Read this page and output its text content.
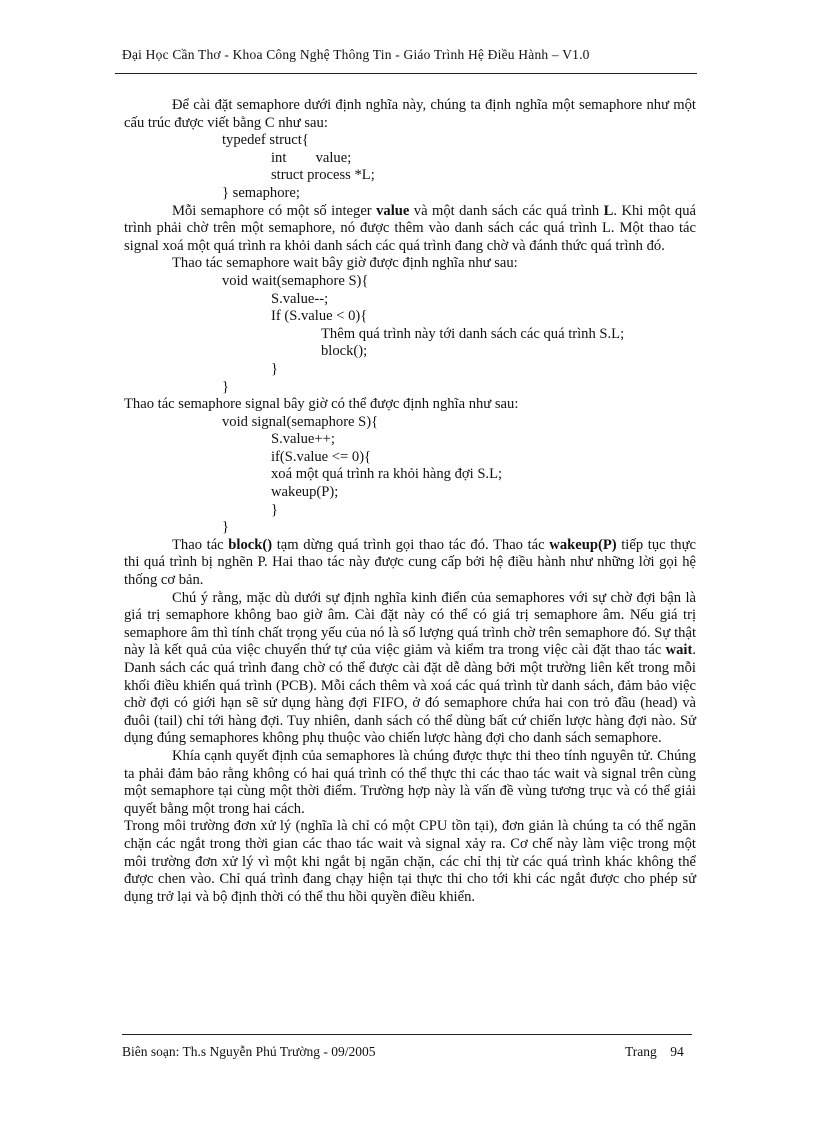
Đại Học Cần Thơ - Khoa Công Nghệ Thông Tin - Giáo Trình Hệ Điều Hành – V1.0

Để cài đặt semaphore dưới định nghĩa này, chúng ta định nghĩa một semaphore như một cấu trúc được viết bằng C như sau:

typedef struct{
int        value;
struct process *L;
} semaphore;

Mỗi semaphore có một số integer value và một danh sách các quá trình L. Khi một quá trình phải chờ trên một semaphore, nó được thêm vào danh sách các quá trình L. Một thao tác signal xoá một quá trình ra khỏi danh sách các quá trình đang chờ và đánh thức quá trình đó.

Thao tác semaphore wait bây giờ được định nghĩa như sau:

void wait(semaphore S){
S.value--;
If (S.value < 0){
Thêm quá trình này tới danh sách các quá trình S.L;
block();
}
}

Thao tác semaphore signal bây giờ có thể được định nghĩa như sau:

void signal(semaphore S){
S.value++;
if(S.value <= 0){
xoá một quá trình ra khỏi hàng đợi S.L;
wakeup(P);
}
}

Thao tác block() tạm dừng quá trình gọi thao tác đó. Thao tác wakeup(P) tiếp tục thực thi quá trình bị nghẽn P. Hai thao tác này được cung cấp bởi hệ điều hành như những lời gọi hệ thống cơ bản.

Chú ý rằng, mặc dù dưới sự định nghĩa kinh điển của semaphores với sự chờ đợi bận là giá trị semaphore không bao giờ âm. Cài đặt này có thể có giá trị semaphore âm. Nếu giá trị semaphore âm thì tính chất trọng yếu của nó là số lượng quá trình chờ trên semaphore đó. Sự thật này là kết quả của việc chuyển thứ tự của việc giảm và kiểm tra trong việc cài đặt thao tác wait. Danh sách các quá trình đang chờ có thể được cài đặt dễ dàng bởi một trường liên kết trong mỗi khối điều khiển quá trình (PCB). Mỗi cách thêm và xoá các quá trình từ danh sách, đảm bảo việc chờ đợi có giới hạn sẽ sử dụng hàng đợi FIFO, ở đó semaphore chứa hai con trỏ đầu (head) và đuôi (tail) chỉ tới hàng đợi. Tuy nhiên, danh sách có thể dùng bất cứ chiến lược hàng đợi nào. Sử dụng đúng semaphores không phụ thuộc vào chiến lược hàng đợi cho danh sách semaphore.

Khía cạnh quyết định của semaphores là chúng được thực thi theo tính nguyên tử. Chúng ta phải đảm bảo rằng không có hai quá trình có thể thực thi các thao tác wait và signal trên cùng một semaphore tại cùng một thời điểm. Trường hợp này là vấn đề vùng tương trục và có thể giải quyết bằng một trong hai cách.

Trong môi trường đơn xử lý (nghĩa là chỉ có một CPU tồn tại), đơn giản là chúng ta có thể ngăn chặn các ngắt trong thời gian các thao tác wait và signal xảy ra. Cơ chế này làm việc trong một môi trường đơn xử lý vì một khi ngắt bị ngăn chặn, các chỉ thị từ các quá trình khác không thể được chen vào. Chỉ quá trình đang chạy hiện tại thực thi cho tới khi các ngắt được cho phép sử dụng trở lại và bộ định thời có thể thu hồi quyền điều khiển.

Biên soạn: Th.s Nguyễn Phú Trường - 09/2005	Trang 94
